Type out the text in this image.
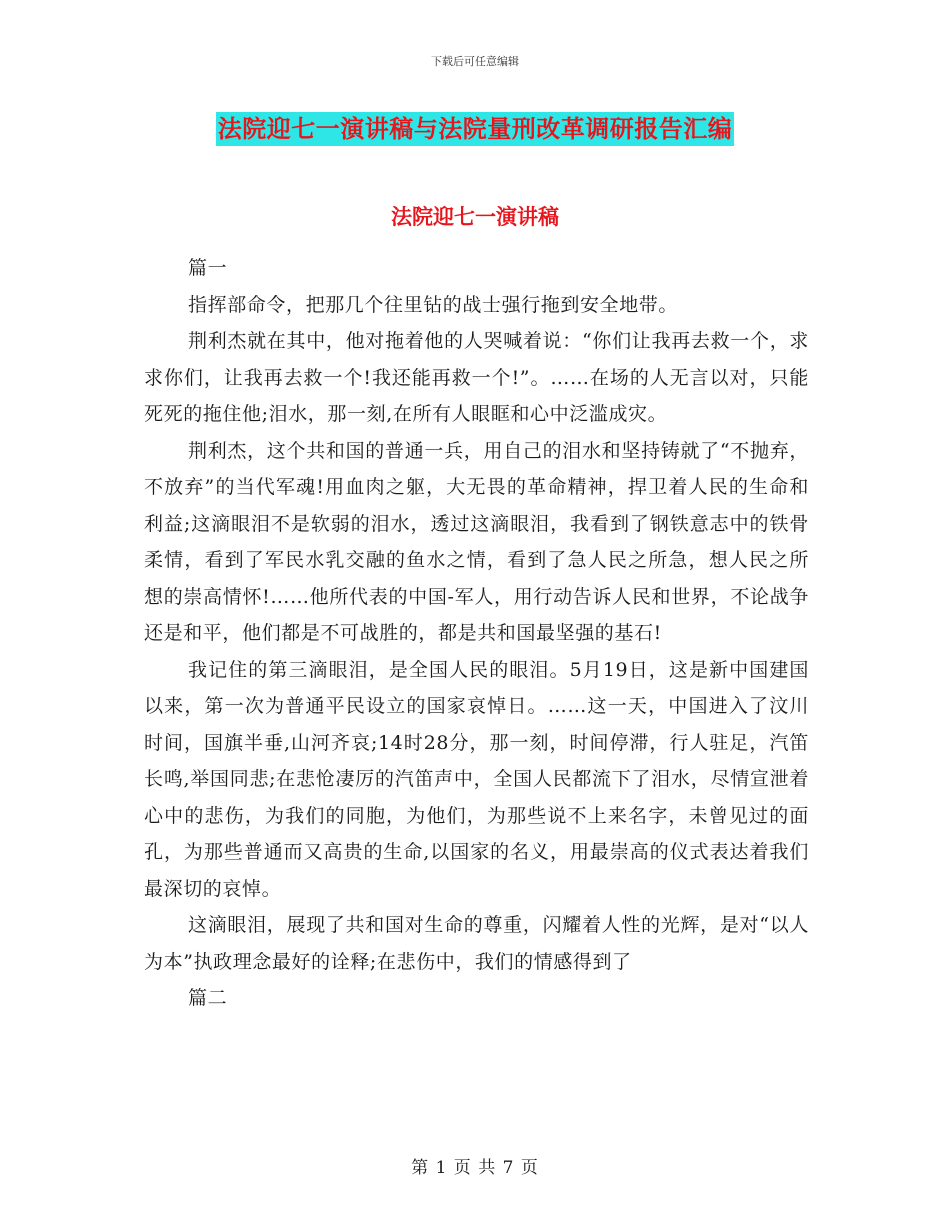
下载后可任意编辑
法院迎七一演讲稿与法院量刑改革调研报告汇编
法院迎七一演讲稿

篇一

指挥部命令，把那几个往里钻的战士强行拖到安全地带。

荆利杰就在其中，他对拖着他的人哭喊着说：“你们让我再去救一个，求求你们，让我再去救一个!我还能再救一个!”。……在场的人无言以对，只能死死的拖住他;泪水，那一刻,在所有人眼眶和心中泛滥成灾。

荆利杰，这个共和国的普通一兵，用自己的泪水和坚持铸就了“不抛弃，不放弃”的当代军魂!用血肉之躯，大无畏的革命精神，捍卫着人民的生命和利益;这滴眼泪不是软弱的泪水，透过这滴眼泪，我看到了钢铁意志中的铁骨柔情，看到了军民水乳交融的鱼水之情，看到了急人民之所急，想人民之所想的崇高情怀!……他所代表的中国-军人，用行动告诉人民和世界，不论战争还是和平，他们都是不可战胜的，都是共和国最坚强的基石!

我记住的第三滴眼泪，是全国人民的眼泪。5月19日，这是新中国建国以来，第一次为普通平民设立的国家哀悼日。……这一天，中国进入了汶川时间，国旗半垂,山河齐哀;14时28分，那一刻，时间停滞，行人驻足，汽笛长鸣,举国同悲;在悲怆凄厉的汽笛声中，全国人民都流下了泪水，尽情宣泄着心中的悲伤，为我们的同胞，为他们，为那些说不上来名字，未曾见过的面孔，为那些普通而又高贵的生命,以国家的名义，用最崇高的仪式表达着我们最深切的哀悼。

这滴眼泪，展现了共和国对生命的尊重，闪耀着人性的光辉，是对“以人为本”执政理念最好的诠释;在悲伤中，我们的情感得到了

篇二

第 1 页 共 7 页
